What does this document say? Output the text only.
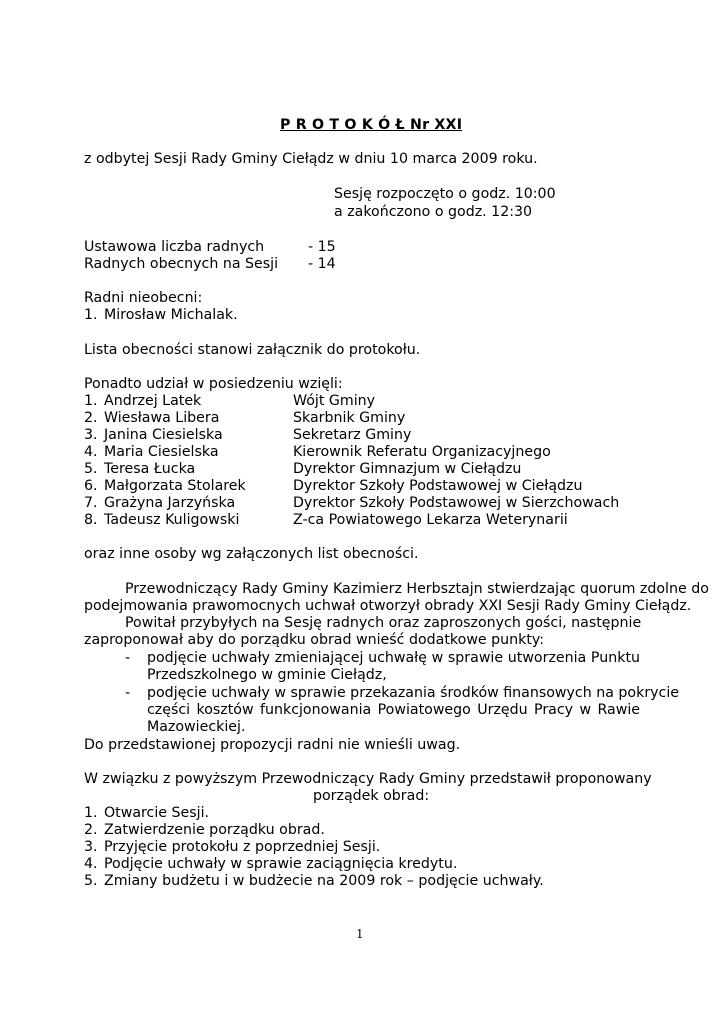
P R O T O K Ó Ł Nr XXI
z odbytej Sesji Rady Gminy Ciełądz w dniu 10 marca 2009 roku.
Sesję rozpoczęto o godz. 10:00
a zakończono o godz. 12:30
Ustawowa liczba radnych	- 15
Radnych obecnych na Sesji - 14
Radni nieobecni:
1. Mirosław Michalak.
Lista obecności stanowi załącznik do protokołu.
Ponadto udział w posiedzeniu wzięli:
1. Andrzej Latek	Wójt Gminy
2. Wiesława Libera	Skarbnik Gminy
3. Janina Ciesielska	Sekretarz Gminy
4. Maria Ciesielska	Kierownik Referatu Organizacyjnego
5. Teresa Łucka	Dyrektor Gimnazjum w Ciełądzu
6. Małgorzata Stolarek	Dyrektor Szkoły Podstawowej w Ciełądzu
7. Grażyna Jarzyńska	Dyrektor Szkoły Podstawowej w Sierzchowach
8. Tadeusz Kuligowski	Z-ca Powiatowego Lekarza Weterynarii
oraz inne osoby wg załączonych list obecności.
Przewodniczący Rady Gminy Kazimierz Herbsztajn stwierdzając quorum zdolne do
podejmowania prawomocnych uchwał otworzył obrady XXI Sesji Rady Gminy Ciełądz.
Powitał przybyłych na Sesję radnych oraz zaproszonych gości, następnie
zaproponował aby do porządku obrad wnieść dodatkowe punkty:
- podjęcie uchwały zmieniającej uchwałę w sprawie utworzenia Punktu
Przedszkolnego w gminie Ciełądz,
- podjęcie uchwały w sprawie przekazania środków finansowych na pokrycie
części kosztów funkcjonowania Powiatowego Urzędu Pracy w Rawie
Mazowieckiej.
Do przedstawionej propozycji radni nie wnieśli uwag.
W związku z powyższym Przewodniczący Rady Gminy przedstawił proponowany
porządek obrad:
1. Otwarcie Sesji.
2. Zatwierdzenie porządku obrad.
3. Przyjęcie protokołu z poprzedniej Sesji.
4. Podjęcie uchwały w sprawie zaciągnięcia kredytu.
5. Zmiany budżetu i w budżecie na 2009 rok – podjęcie uchwały.
1
